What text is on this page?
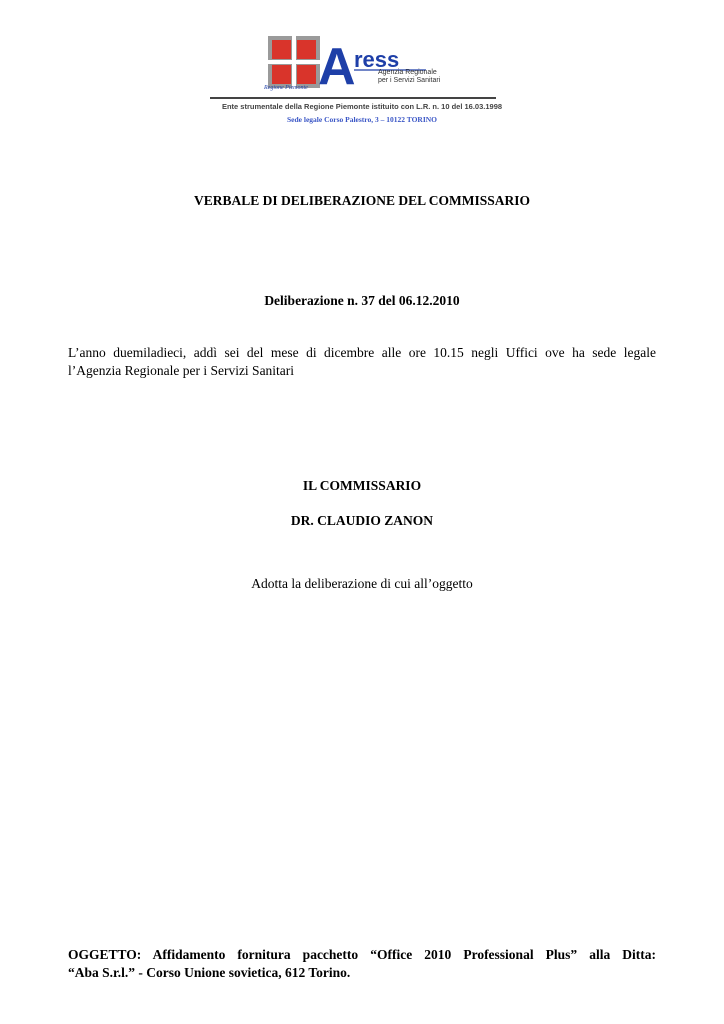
A
ress
Agenzia Regionale
per i Servizi Sanitari
Regione Piemonte
Ente strumentale della Regione Piemonte istituito con L.R. n. 10 del 16.03.1998
Sede legale Corso Palestro, 3 – 10122 TORINO
VERBALE DI DELIBERAZIONE DEL COMMISSARIO
Deliberazione n. 37 del 06.12.2010
L’anno duemiladieci, addì sei del mese di dicembre alle ore 10.15 negli Uffici ove ha sede legale
l’Agenzia Regionale per i Servizi Sanitari
IL COMMISSARIO
DR. CLAUDIO ZANON
Adotta la deliberazione di cui all’oggetto
OGGETTO: Affidamento fornitura pacchetto “Office 2010 Professional Plus” alla Ditta:
“Aba S.r.l.” - Corso Unione sovietica, 612 Torino.
